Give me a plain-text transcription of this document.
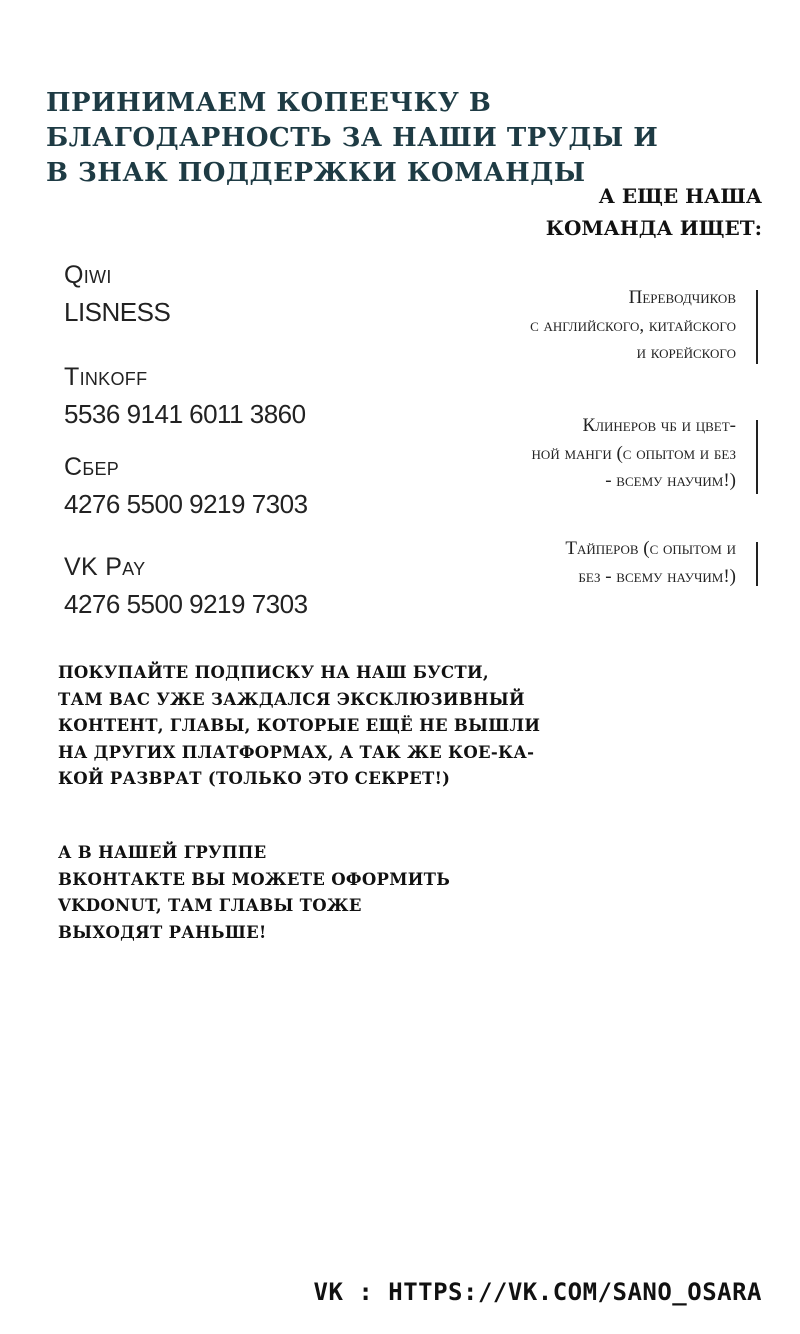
ПРИНИМАЕМ КОПЕЕЧКУ В
БЛАГОДАРНОСТЬ ЗА НАШИ ТРУДЫ И
В ЗНАК ПОДДЕРЖКИ КОМАНДЫ
А ЕЩЕ НАША
КОМАНДА ИЩЕТ:
Qiwi
LISNESS
Tinkoff
5536 9141 6011 3860
Сбер
4276 5500 9219 7303
VK Pay
4276 5500 9219 7303
Переводчиков
с английского, китайского
и корейского
Клинеров чб и цвет-
ной манги (с опытом и без
- всему научим!)
Тайперов (с опытом и
без - всему научим!)
ПОКУПАЙТЕ ПОДПИСКУ НА НАШ БУСТИ,
ТАМ ВАС УЖЕ ЗАЖДАЛСЯ ЭКСКЛЮЗИВНЫЙ
КОНТЕНТ, ГЛАВЫ, КОТОРЫЕ ЕЩЁ НЕ ВЫШЛИ
НА ДРУГИХ ПЛАТФОРМАХ, А ТАК ЖЕ КОЕ-КА-
КОЙ РАЗВРАТ (ТОЛЬКО ЭТО СЕКРЕТ!)
А В НАШЕЙ ГРУППЕ
ВКОНТАКТЕ ВЫ МОЖЕТЕ ОФОРМИТЬ
VKDONUT, ТАМ ГЛАВЫ ТОЖЕ
ВЫХОДЯТ РАНЬШЕ!
VK : HTTPS://VK.COM/SANO_OSARA
